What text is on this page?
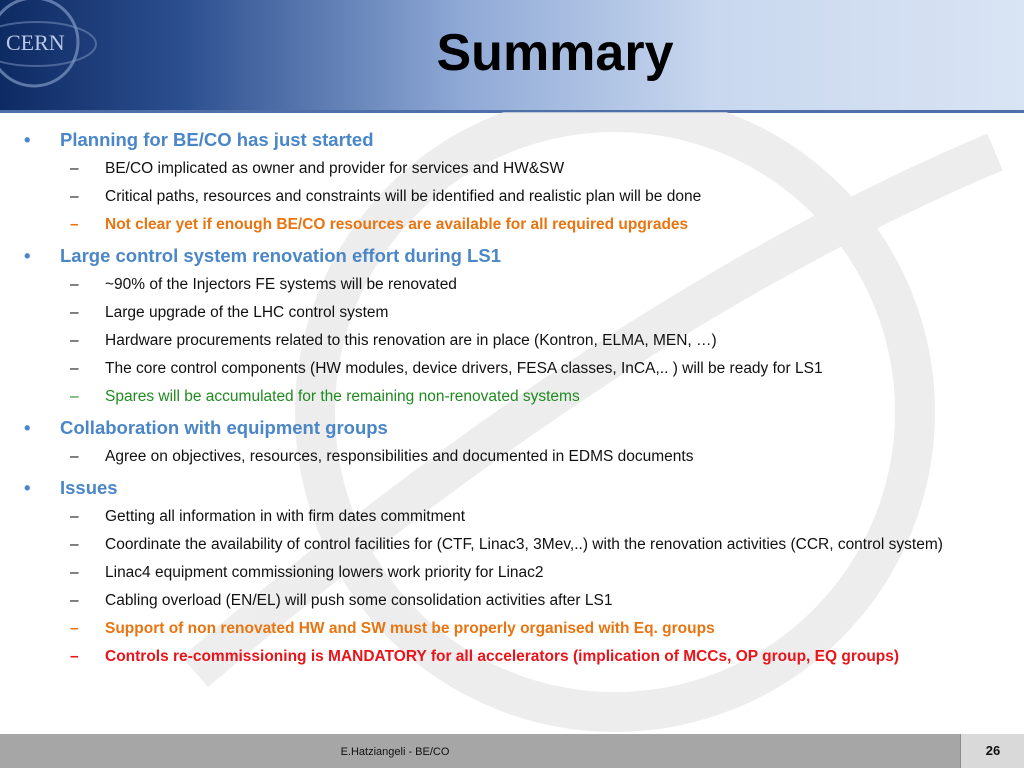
CERN	Summary
•	Planning for BE/CO has just started
–	BE/CO implicated as owner and provider for services and HW&SW
–	Critical paths, resources and constraints will be identified and realistic plan will be done
–	Not clear yet if enough BE/CO resources are available for all required upgrades
•	Large control system renovation effort during LS1
–	~90% of the Injectors FE systems will be renovated
–	Large upgrade of the LHC control system
–	Hardware procurements related to this renovation are in place (Kontron, ELMA, MEN, …)
–	The core control components (HW modules, device drivers, FESA classes, InCA,.. ) will be ready for LS1
–	Spares will be accumulated for the remaining non-renovated systems
•	Collaboration with equipment groups
–	Agree on objectives, resources, responsibilities and documented in EDMS documents
•	Issues
–	Getting all information in with firm dates commitment
–	Coordinate the availability of control facilities for (CTF, Linac3, 3Mev,..) with the renovation activities (CCR, control system)
–	Linac4 equipment commissioning lowers work priority for Linac2
–	Cabling overload (EN/EL) will push some consolidation activities after LS1
–	Support of non renovated HW and SW must be properly organised with Eq. groups
–	Controls re-commissioning is MANDATORY for all accelerators (implication of MCCs, OP group, EQ groups)
E.Hatziangeli - BE/CO	26
